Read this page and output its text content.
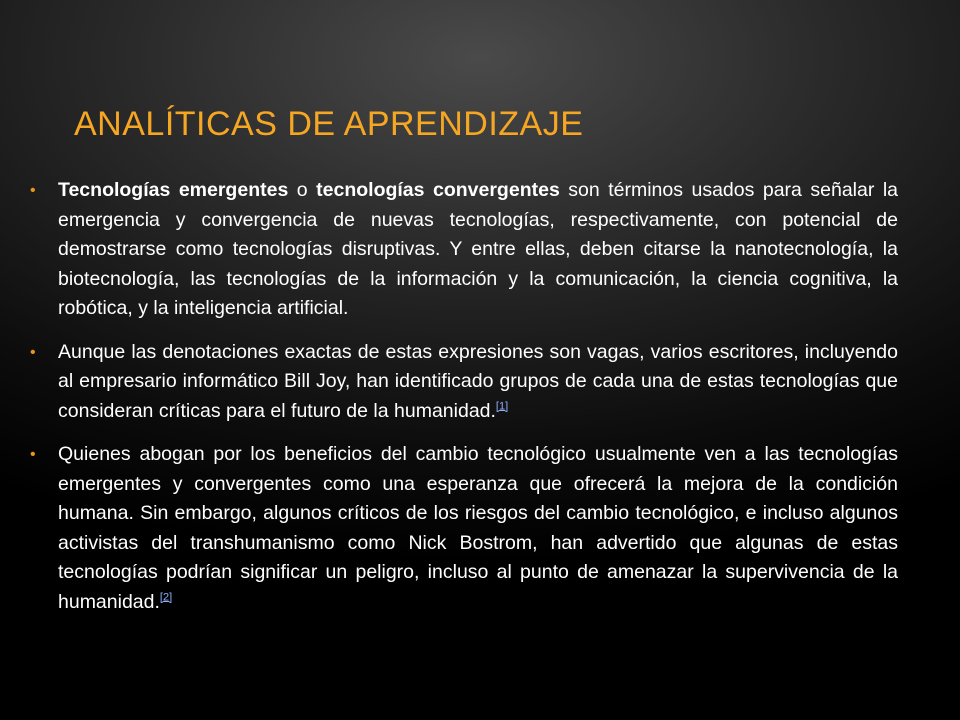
ANALÍTICAS DE APRENDIZAJE
• Tecnologías emergentes o tecnologías convergentes son términos usados para señalar la emergencia y convergencia de nuevas tecnologías, respectivamente, con potencial de demostrarse como tecnologías disruptivas. Y entre ellas, deben citarse la nanotecnología, la biotecnología, las tecnologías de la información y la comunicación, la ciencia cognitiva, la robótica, y la inteligencia artificial.
• Aunque las denotaciones exactas de estas expresiones son vagas, varios escritores, incluyendo al empresario informático Bill Joy, han identificado grupos de cada una de estas tecnologías que consideran críticas para el futuro de la humanidad.[1]
• Quienes abogan por los beneficios del cambio tecnológico usualmente ven a las tecnologías emergentes y convergentes como una esperanza que ofrecerá la mejora de la condición humana. Sin embargo, algunos críticos de los riesgos del cambio tecnológico, e incluso algunos activistas del transhumanismo como Nick Bostrom, han advertido que algunas de estas tecnologías podrían significar un peligro, incluso al punto de amenazar la supervivencia de la humanidad.[2]
